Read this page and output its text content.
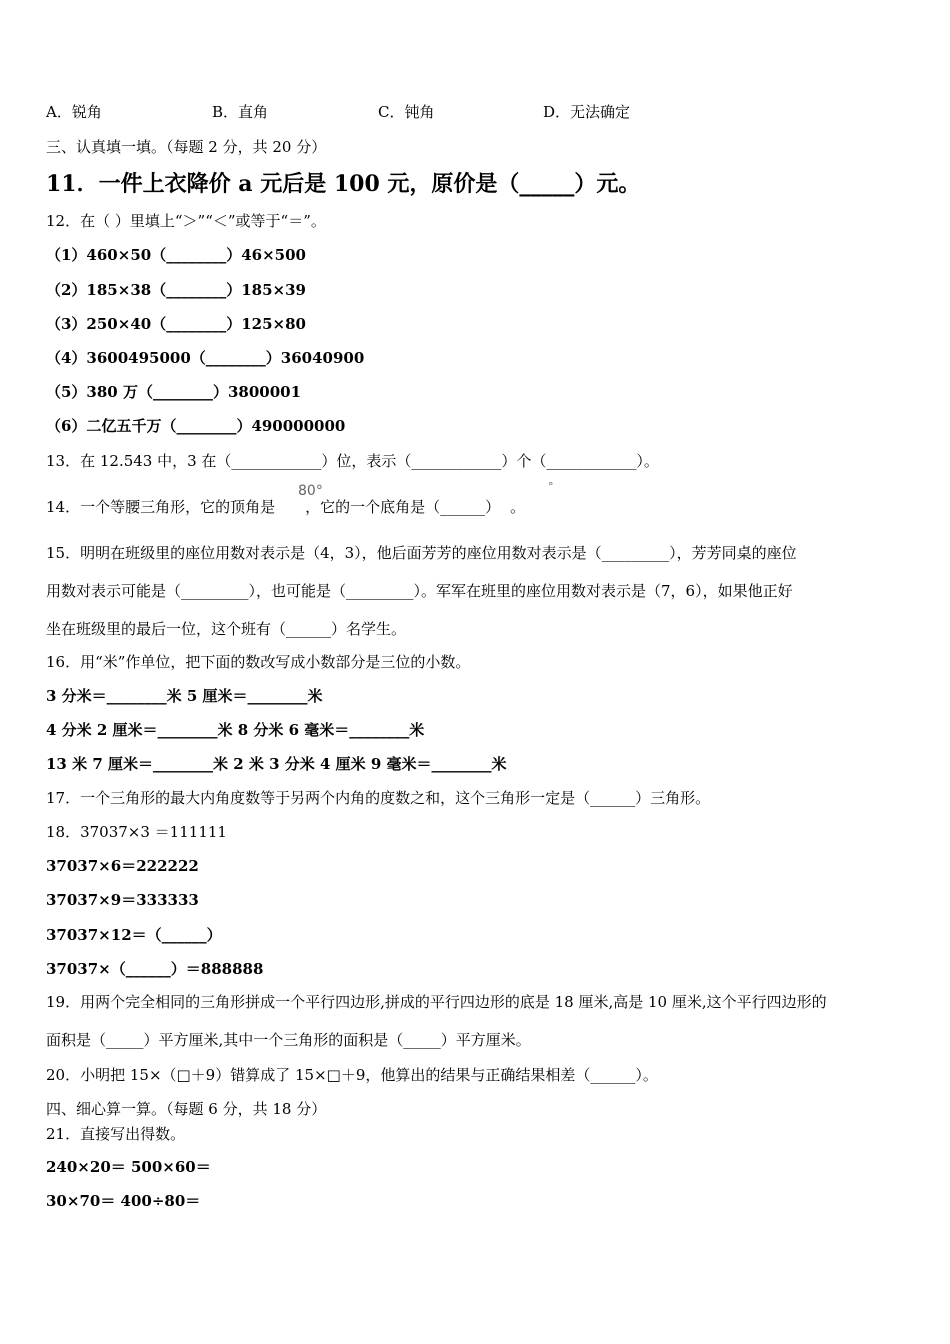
A．锐角	B．直角	C．钝角	D．无法确定
三、认真填一填。（每题 2 分，共 20 分）
11．一件上衣降价 a 元后是 100 元，原价是（_____）元。
12．在（ ）里填上“＞”“＜”或等于“＝”。
（1）460×50（________）46×500
（2）185×38（________）185×39
（3）250×40（________）125×80
（4）3600495000（________）36040900
（5）380 万（________）3800001
（6）二亿五千万（________）490000000
13．在 12.543 中，3 在（____________）位，表示（____________）个（____________）。
14．一个等腰三角形，它的顶角是 ，它的一个底角是（______） 。
80°	°
15．明明在班级里的座位用数对表示是（4，3），他后面芳芳的座位用数对表示是（_________），芳芳同桌的座位
用数对表示可能是（_________），也可能是（_________）。军军在班里的座位用数对表示是（7，6），如果他正好
坐在班级里的最后一位，这个班有（______）名学生。
16．用“米”作单位，把下面的数改写成小数部分是三位的小数。
3 分米＝________米 5 厘米＝________米
4 分米 2 厘米＝________米 8 分米 6 毫米＝________米
13 米 7 厘米＝________米 2 米 3 分米 4 厘米 9 毫米＝________米
17．一个三角形的最大内角度数等于另两个内角的度数之和，这个三角形一定是（______）三角形。
18．37037×3 ＝111111
37037×6＝222222
37037×9＝333333
37037×12＝（______）
37037×（______）＝888888
19．用两个完全相同的三角形拼成一个平行四边形,拼成的平行四边形的底是 18 厘米,高是 10 厘米,这个平行四边形的
面积是（_____）平方厘米,其中一个三角形的面积是（_____）平方厘米。
20．小明把 15×（□＋9）错算成了 15×□＋9，他算出的结果与正确结果相差（______）。
四、细心算一算。（每题 6 分，共 18 分）
21．直接写出得数。
240×20＝ 500×60＝
30×70＝ 400÷80＝
